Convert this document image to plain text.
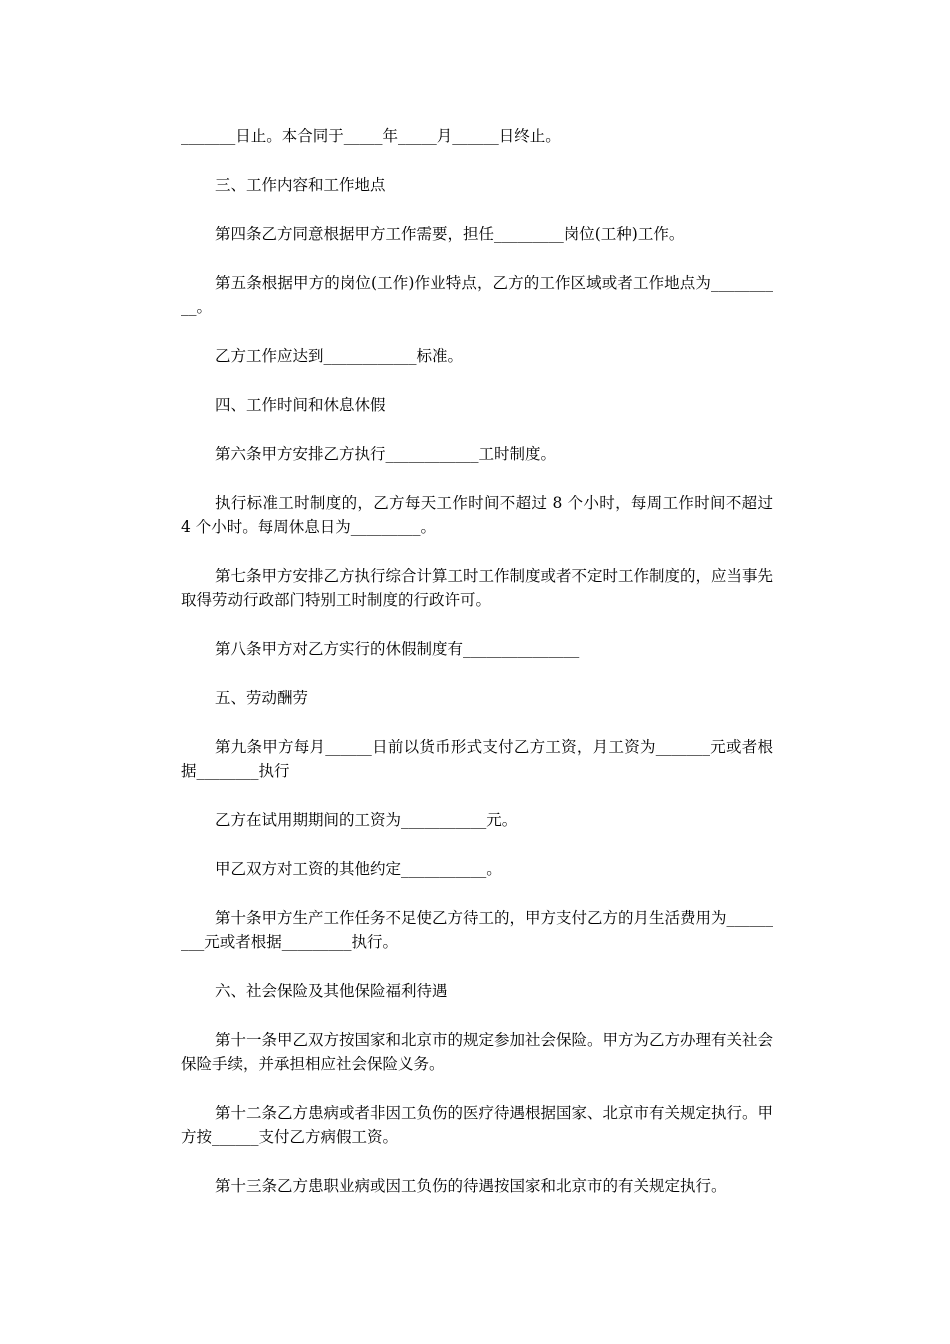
_______日止。本合同于_____年_____月______日终止。

三、工作内容和工作地点

第四条乙方同意根据甲方工作需要，担任_________岗位(工种)工作。

第五条根据甲方的岗位(工作)作业特点，乙方的工作区域或者工作地点为__________。

乙方工作应达到____________标准。

四、工作时间和休息休假

第六条甲方安排乙方执行____________工时制度。

执行标准工时制度的，乙方每天工作时间不超过 8 个小时，每周工作时间不超过 4 个小时。每周休息日为_________。

第七条甲方安排乙方执行综合计算工时工作制度或者不定时工作制度的，应当事先取得劳动行政部门特别工时制度的行政许可。

第八条甲方对乙方实行的休假制度有_______________

五、劳动酬劳

第九条甲方每月______日前以货币形式支付乙方工资，月工资为_______元或者根据________执行

乙方在试用期期间的工资为___________元。

甲乙双方对工资的其他约定___________。

第十条甲方生产工作任务不足使乙方待工的，甲方支付乙方的月生活费用为_________元或者根据_________执行。

六、社会保险及其他保险福利待遇

第十一条甲乙双方按国家和北京市的规定参加社会保险。甲方为乙方办理有关社会保险手续，并承担相应社会保险义务。

第十二条乙方患病或者非因工负伤的医疗待遇根据国家、北京市有关规定执行。甲方按______支付乙方病假工资。

第十三条乙方患职业病或因工负伤的待遇按国家和北京市的有关规定执行。
